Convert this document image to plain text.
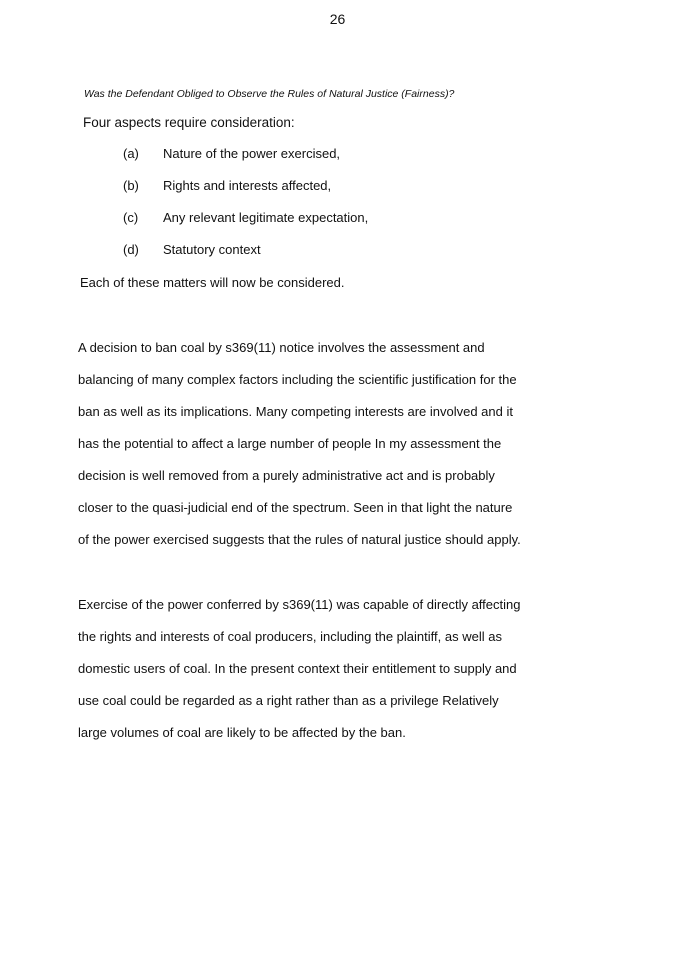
26
Was the Defendant Obliged to Observe the Rules of Natural Justice (Fairness)?
Four aspects require consideration:
(a) Nature of the power exercised,
(b) Rights and interests affected,
(c) Any relevant legitimate expectation,
(d) Statutory context
Each of these matters will now be considered.
A decision to ban coal by s369(11) notice involves the assessment and
balancing of many complex factors including the scientific justification for the
ban as well as its implications. Many competing interests are involved and it
has the potential to affect a large number of people In my assessment the
decision is well removed from a purely administrative act and is probably
closer to the quasi-judicial end of the spectrum. Seen in that light the nature
of the power exercised suggests that the rules of natural justice should apply.
Exercise of the power conferred by s369(11) was capable of directly affecting
the rights and interests of coal producers, including the plaintiff, as well as
domestic users of coal. In the present context their entitlement to supply and
use coal could be regarded as a right rather than as a privilege Relatively
large volumes of coal are likely to be affected by the ban.
